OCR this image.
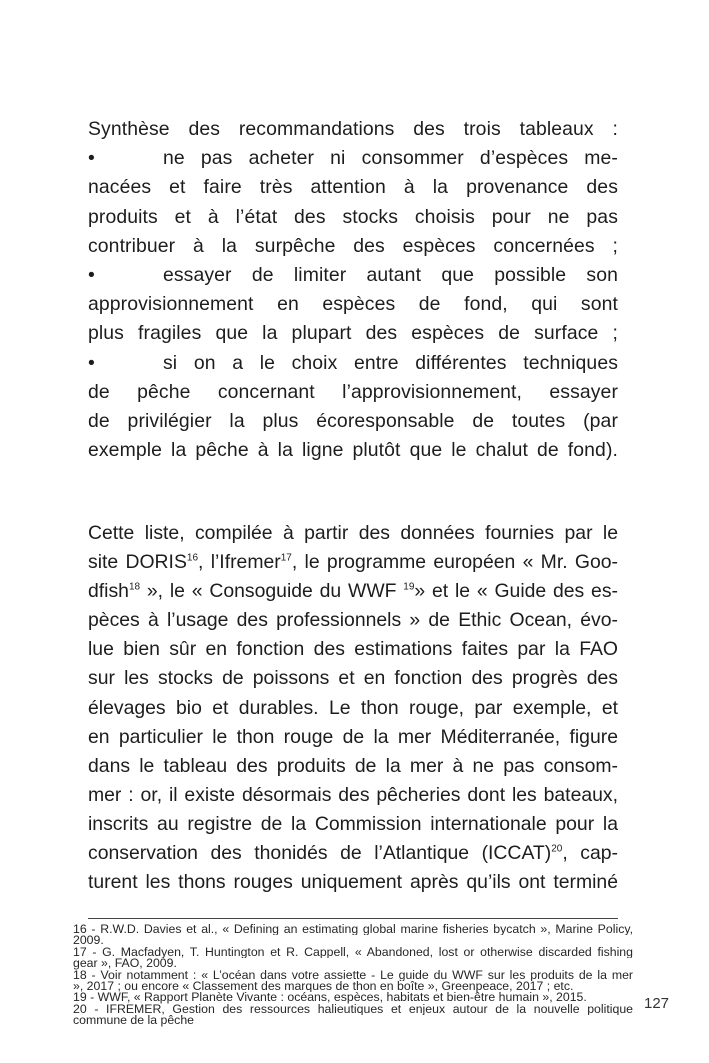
Synthèse des recommandations des trois tableaux :
•	ne pas acheter ni consommer d’espèces me-
nacées et faire très attention à la provenance des
produits et à l’état des stocks choisis pour ne pas
contribuer à la surpêche des espèces concernées ;
•	essayer de limiter autant que possible son
approvisionnement en espèces de fond, qui sont
plus fragiles que la plupart des espèces de surface ;
•	si on a le choix entre différentes techniques
de pêche concernant l’approvisionnement, essayer
de privilégier la plus écoresponsable de toutes (par
exemple la pêche à la ligne plutôt que le chalut de fond).
Cette liste, compilée à partir des données fournies par le
site DORIS$^{16}$, l’Ifremer$^{17}$, le programme européen « Mr. Goo-
dfish$^{18}$ », le « Consoguide du WWF $^{19}$» et le « Guide des es-
pèces à l’usage des professionnels » de Ethic Ocean, évo-
lue bien sûr en fonction des estimations faites par la FAO
sur les stocks de poissons et en fonction des progrès des
élevages bio et durables. Le thon rouge, par exemple, et
en particulier le thon rouge de la mer Méditerranée, figure
dans le tableau des produits de la mer à ne pas consom-
mer : or, il existe désormais des pêcheries dont les bateaux,
inscrits au registre de la Commission internationale pour la
conservation des thonidés de l’Atlantique (ICCAT)$^{20}$, cap-
turent les thons rouges uniquement après qu’ils ont terminé
16 - R.W.D. Davies et al., « Defining an estimating global marine fisheries bycatch », Marine Policy,
2009.
17 - G. Macfadyen, T. Huntington et R. Cappell, « Abandoned, lost or otherwise discarded fishing
gear », FAO, 2009.
18 - Voir notamment : « L’océan dans votre assiette - Le guide du WWF sur les produits de la mer
», 2017 ; ou encore « Classement des marques de thon en boîte », Greenpeace, 2017 ; etc.
19 - WWF, « Rapport Planète Vivante : océans, espèces, habitats et bien-être humain », 2015.
20 - IFREMER, Gestion des ressources halieutiques et enjeux autour de la nouvelle politique
commune de la pêche
127
